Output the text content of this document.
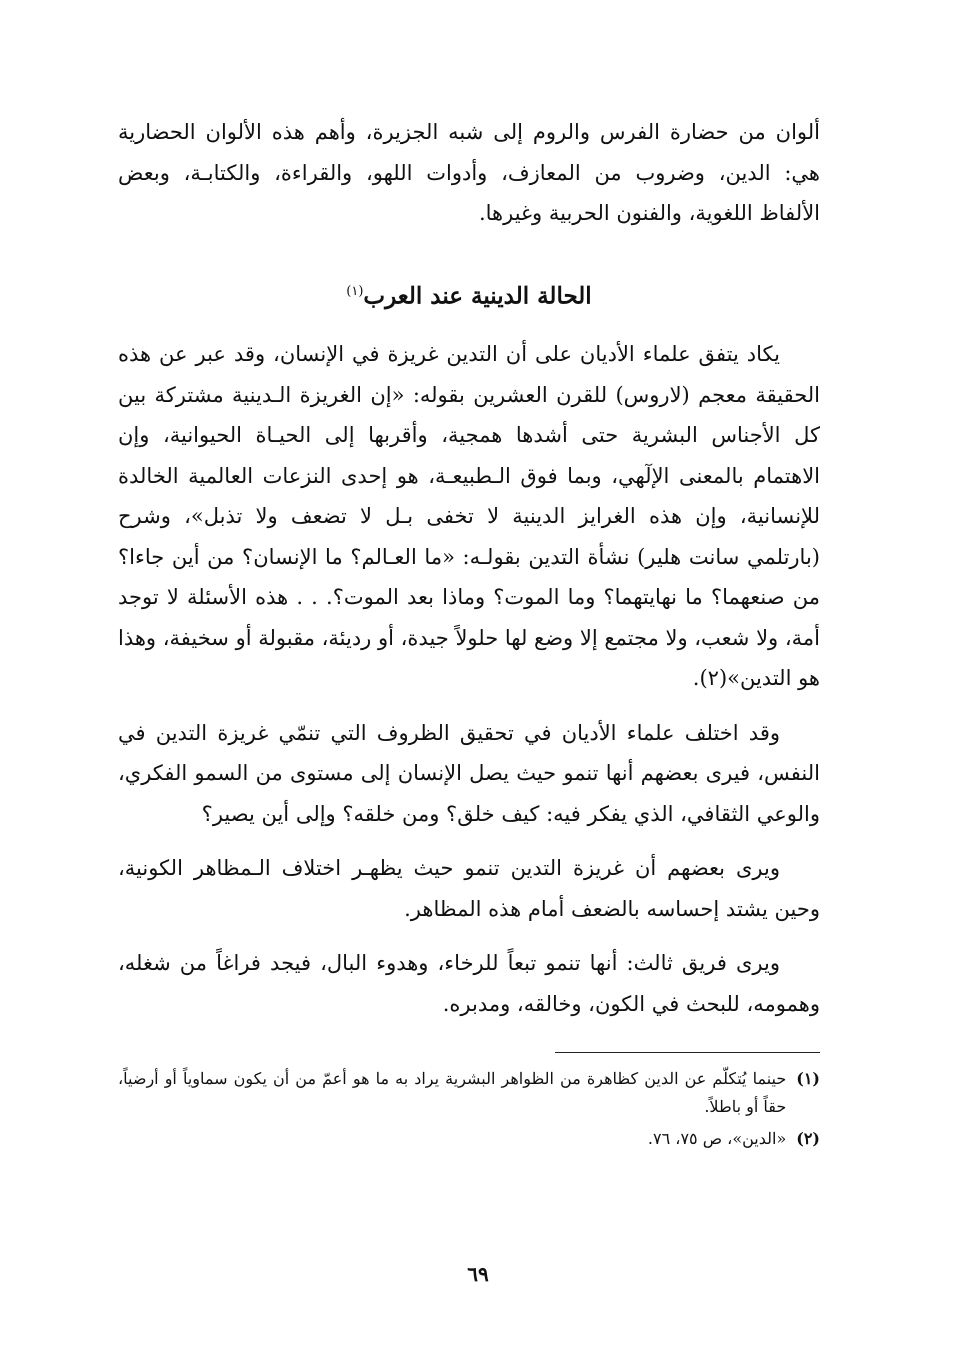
ألوان من حضارة الفرس والروم إلى شبه الجزيرة، وأهم هذه الألوان الحضارية هي: الدين، وضروب من المعازف، وأدوات اللهو، والقراءة، والكتابـة، وبعض الألفاظ اللغوية، والفنون الحربية وغيرها.

الحالة الدينية عند العرب$^{(١)}$

يكاد يتفق علماء الأديان على أن التدين غريزة في الإنسان، وقد عبر عن هذه الحقيقة معجم (لاروس) للقرن العشرين بقوله: «إن الغريزة الـدينية مشتركة بين كل الأجناس البشرية حتى أشدها همجية، وأقربها إلى الحيـاة الحيوانية، وإن الاهتمام بالمعنى الإلٓهي، وبما فوق الـطبيعـة، هو إحدى النزعات العالمية الخالدة للإنسانية، وإن هذه الغرايز الدينية لا تخفى بـل لا تضعف ولا تذبل»، وشرح (بارتلمي سانت هلير) نشأة التدين بقولـه: «ما العـالم؟ ما الإنسان؟ من أين جاءا؟ من صنعهما؟ ما نهايتهما؟ وما الموت؟ وماذا بعد الموت؟. . . هذه الأسئلة لا توجد أمة، ولا شعب، ولا مجتمع إلا وضع لها حلولاً جيدة، أو رديئة، مقبولة أو سخيفة، وهذا هو التدين»(٢).

وقد اختلف علماء الأديان في تحقيق الظروف التي تنمّي غريزة التدين في النفس، فيرى بعضهم أنها تنمو حيث يصل الإنسان إلى مستوى من السمو الفكري، والوعي الثقافي، الذي يفكر فيه: كيف خلق؟ ومن خلقه؟ وإلى أين يصير؟

ويرى بعضهم أن غريزة التدين تنمو حيث يظهـر اختلاف الـمظاهر الكونية، وحين يشتد إحساسه بالضعف أمام هذه المظاهر.

ويرى فريق ثالث: أنها تنمو تبعاً للرخاء، وهدوء البال، فيجد فراغاً من شغله، وهمومه، للبحث في الكون، وخالقه، ومدبره.

(١)
حينما يُتكلّم عن الدين كظاهرة من الظواهر البشرية يراد به ما هو أعمّ من أن يكون سماوياً أو أرضياً، حقاً أو باطلاً.
(٢)
«الدين»، ص ٧٥، ٧٦.
٦٩
